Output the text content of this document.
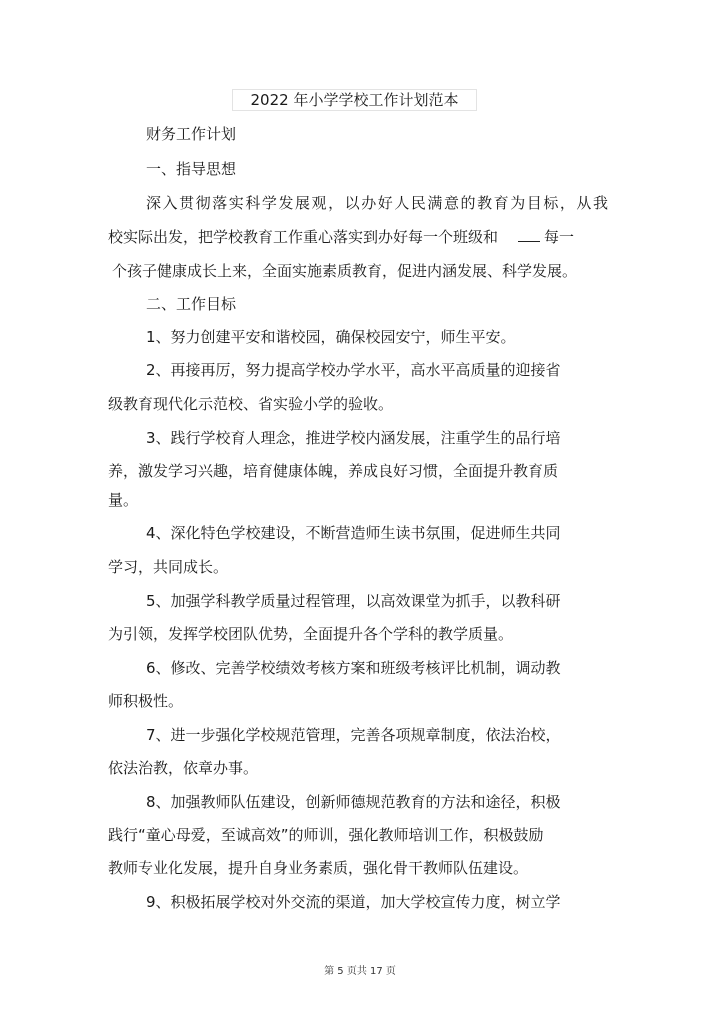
2022 年小学学校工作计划范本
财务工作计划
一、指导思想
深入贯彻落实科学发展观，以办好人民满意的教育为目标，从我
校实际出发，把学校教育工作重心落实到办好每一个班级和	每一
个孩子健康成长上来，全面实施素质教育，促进内涵发展、科学发展。
二、工作目标
1、努力创建平安和谐校园，确保校园安宁，师生平安。
2、再接再厉，努力提高学校办学水平，高水平高质量的迎接省
级教育现代化示范校、省实验小学的验收。
3、践行学校育人理念，推进学校内涵发展，注重学生的品行培
养，激发学习兴趣，培育健康体魄，养成良好习惯，全面提升教育质
量。
4、深化特色学校建设，不断营造师生读书氛围，促进师生共同
学习，共同成长。
5、加强学科教学质量过程管理，以高效课堂为抓手，以教科研
为引领，发挥学校团队优势，全面提升各个学科的教学质量。
6、修改、完善学校绩效考核方案和班级考核评比机制，调动教
师积极性。
7、进一步强化学校规范管理，完善各项规章制度，依法治校，
依法治教，依章办事。
8、加强教师队伍建设，创新师德规范教育的方法和途径，积极
践行“童心母爱，至诚高效”的师训，强化教师培训工作，积极鼓励
教师专业化发展，提升自身业务素质，强化骨干教师队伍建设。
9、积极拓展学校对外交流的渠道，加大学校宣传力度，树立学
第 5 页共 17 页
